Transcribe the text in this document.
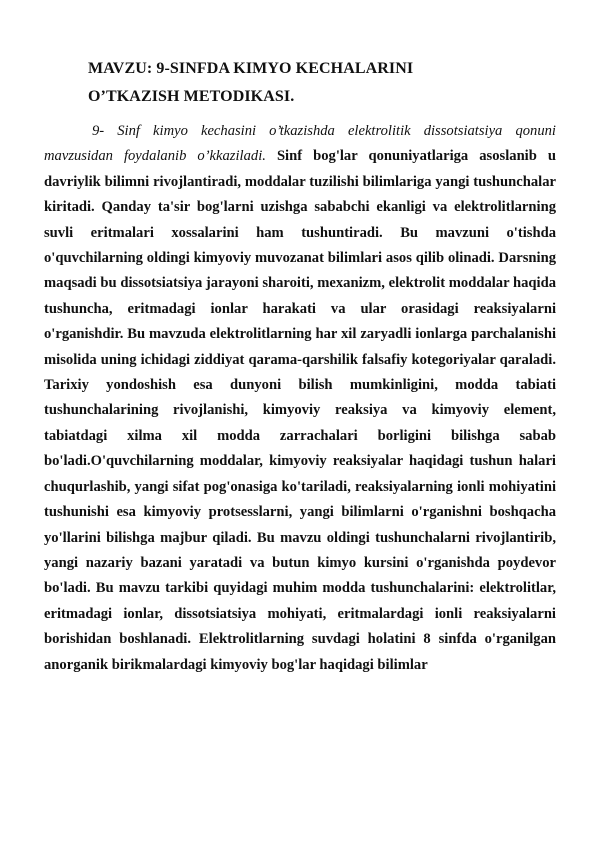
MAVZU: 9-SINFDA KIMYO KECHALARINI
O’TKAZISH METODIKASI.

9- Sinf kimyo kechasini o’tkazishda elektrolitik dissotsiatsiya qonuni mavzusidan foydalanib o’kkaziladi. Sinf bog'lar qonuniyatlariga asoslanib u davriylik bilimni rivojlantiradi, moddalar tuzilishi bilimlariga yangi tushunchalar kiritadi. Qanday ta'sir bog'larni uzishga sababchi ekanligi va elektrolitlarning suvli eritmalari xossalarini ham tushuntiradi. Bu mavzuni o'tishda o'quvchilarning oldingi kimyoviy muvozanat bilimlari asos qilib olinadi. Darsning maqsadi bu dissotsiatsiya jarayoni sharoiti, mexanizm, elektrolit moddalar haqida tushuncha, eritmadagi ionlar harakati va ular orasidagi reaksiyalarni o'rganishdir. Bu mavzuda elektrolitlarning har xil zaryadli ionlarga parchalanishi misolida uning ichidagi ziddiyat qarama-qarshilik falsafiy kotegoriyalar qaraladi. Tarixiy yondoshish esa dunyoni bilish mumkinligini, modda tabiati tushunchalarining rivojlanishi, kimyoviy reaksiya va kimyoviy element, tabiatdagi xilma xil modda zarrachalari borligini bilishga sabab bo'ladi.O'quvchilarning moddalar, kimyoviy reaksiyalar haqidagi tushun halari chuqurlashib, yangi sifat pog'onasiga ko'tariladi, reaksiyalarning ionli mohiyatini tushunishi esa kimyoviy protsesslarni, yangi bilimlarni o'rganishni boshqacha yo'llarini bilishga majbur qiladi. Bu mavzu oldingi tushunchalarni rivojlantirib, yangi nazariy bazani yaratadi va butun kimyo kursini o'rganishda poydevor bo'ladi. Bu mavzu tarkibi quyidagi muhim modda tushunchalarini: elektrolitlar, eritmadagi ionlar, dissotsiatsiya mohiyati, eritmalardagi ionli reaksiyalarni borishidan boshlanadi. Elektrolitlarning suvdagi holatini 8 sinfda o'rganilgan anorganik birikmalardagi kimyoviy bog'lar haqidagi bilimlar
